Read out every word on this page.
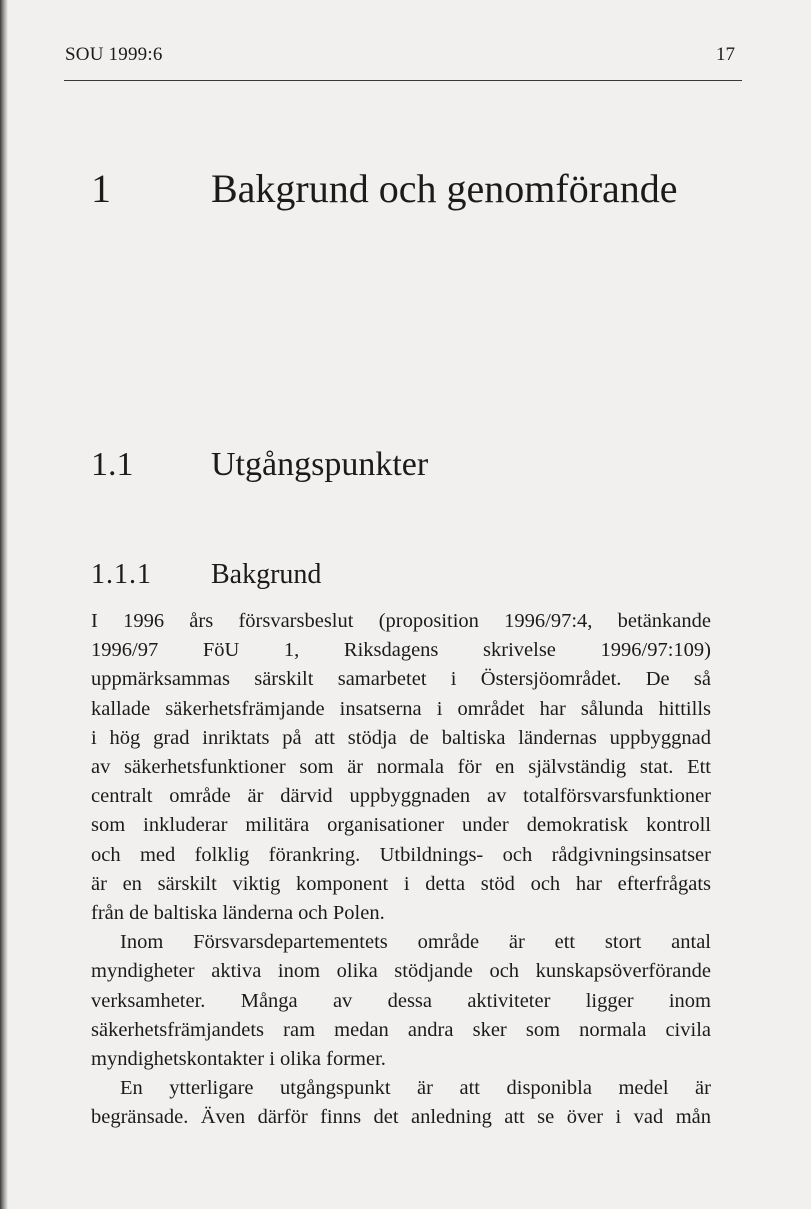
SOU 1999:6	17
1	Bakgrund och genomförande
1.1 Utgångspunkter
1.1.1 Bakgrund
I 1996 års försvarsbeslut (proposition 1996/97:4, betänkande
1996/97 FöU 1, Riksdagens skrivelse 1996/97:109)
uppmärksammas särskilt samarbetet i Östersjöområdet. De så
kallade säkerhetsfrämjande insatserna i området har sålunda hittills
i hög grad inriktats på att stödja de baltiska ländernas uppbyggnad
av säkerhetsfunktioner som är normala för en självständig stat. Ett
centralt område är därvid uppbyggnaden av totalförsvarsfunktioner
som inkluderar militära organisationer under demokratisk kontroll
och med folklig förankring. Utbildnings- och rådgivningsinsatser
är en särskilt viktig komponent i detta stöd och har efterfrågats
från de baltiska länderna och Polen.
Inom Försvarsdepartementets område är ett stort antal
myndigheter aktiva inom olika stödjande och kunskapsöverförande
verksamheter. Många av dessa aktiviteter ligger inom
säkerhetsfrämjandets ram medan andra sker som normala civila
myndighetskontakter i olika former.
En ytterligare utgångspunkt är att disponibla medel är
begränsade. Även därför finns det anledning att se över i vad mån
